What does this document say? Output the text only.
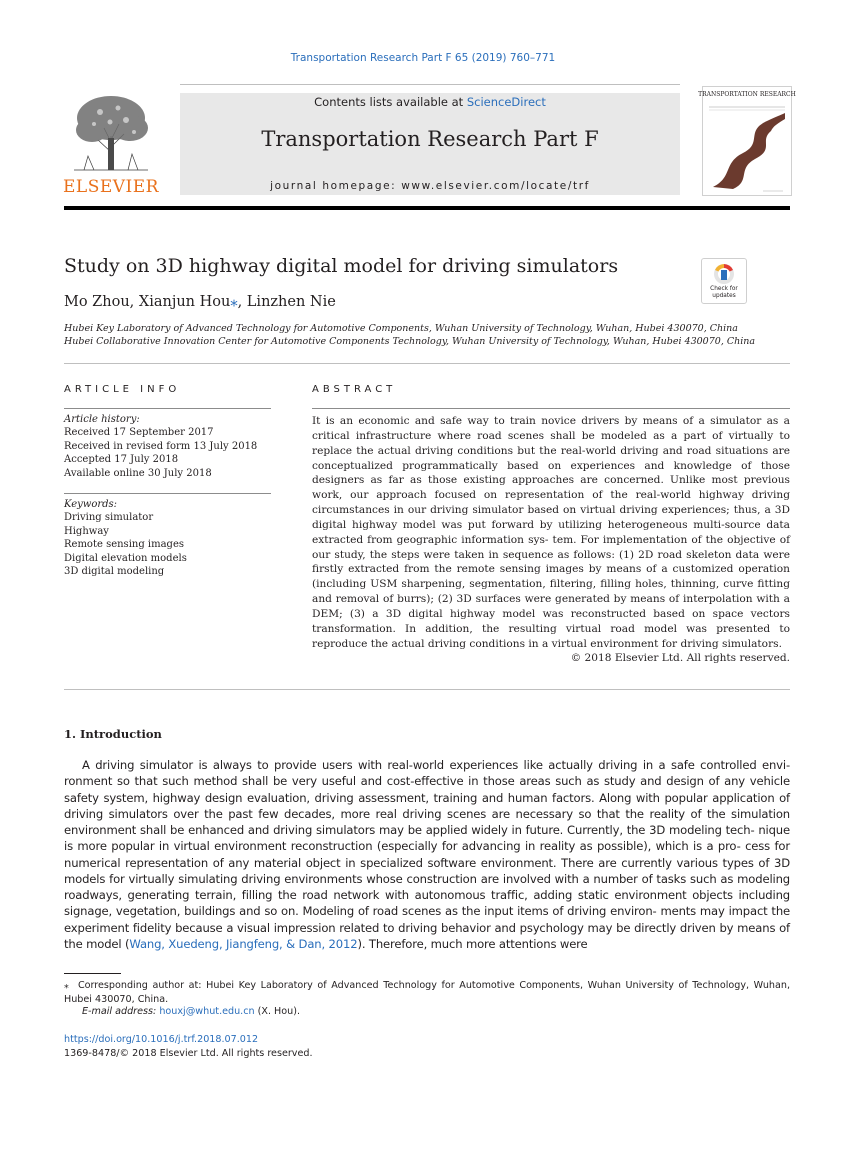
Transportation Research Part F 65 (2019) 760–771
ELSEVIER
Contents lists available at ScienceDirect
Transportation Research Part F
journal homepage: www.elsevier.com/locate/trf
TRANSPORTATION RESEARCH
Study on 3D highway digital model for driving simulators
Check for updates
Mo Zhou, Xianjun Hou⁎, Linzhen Nie
Hubei Key Laboratory of Advanced Technology for Automotive Components, Wuhan University of Technology, Wuhan, Hubei 430070, China
Hubei Collaborative Innovation Center for Automotive Components Technology, Wuhan University of Technology, Wuhan, Hubei 430070, China
ARTICLE INFO	ABSTRACT
Article history:
Received 17 September 2017
Received in revised form 13 July 2018
Accepted 17 July 2018
Available online 30 July 2018
Keywords:
Driving simulator
Highway
Remote sensing images
Digital elevation models
3D digital modeling
It is an economic and safe way to train novice drivers by means of a simulator as a critical infrastructure where road scenes shall be modeled as a part of virtually to replace the actual driving conditions but the real-world driving and road situations are conceptualized programmatically based on experiences and knowledge of those designers as far as those existing approaches are concerned. Unlike most previous work, our approach focused on representation of the real-world highway driving circumstances in our driving simulator based on virtual driving experiences; thus, a 3D digital highway model was put forward by utilizing heterogeneous multi-source data extracted from geographic information sys- tem. For implementation of the objective of our study, the steps were taken in sequence as follows: (1) 2D road skeleton data were firstly extracted from the remote sensing images by means of a customized operation (including USM sharpening, segmentation, filtering, filling holes, thinning, curve fitting and removal of burrs); (2) 3D surfaces were generated by means of interpolation with a DEM; (3) a 3D digital highway model was reconstructed based on space vectors transformation. In addition, the resulting virtual road model was presented to reproduce the actual driving conditions in a virtual environment for driving simulators.
© 2018 Elsevier Ltd. All rights reserved.
1. Introduction
A driving simulator is always to provide users with real-world experiences like actually driving in a safe controlled envi- ronment so that such method shall be very useful and cost-effective in those areas such as study and design of any vehicle safety system, highway design evaluation, driving assessment, training and human factors. Along with popular application of driving simulators over the past few decades, more real driving scenes are necessary so that the reality of the simulation environment shall be enhanced and driving simulators may be applied widely in future. Currently, the 3D modeling tech- nique is more popular in virtual environment reconstruction (especially for advancing in reality as possible), which is a pro- cess for numerical representation of any material object in specialized software environment. There are currently various types of 3D models for virtually simulating driving environments whose construction are involved with a number of tasks such as modeling roadways, generating terrain, filling the road network with autonomous traffic, adding static environment objects including signage, vegetation, buildings and so on. Modeling of road scenes as the input items of driving environ- ments may impact the experiment fidelity because a visual impression related to driving behavior and psychology may be directly driven by means of the model (Wang, Xuedeng, Jiangfeng, & Dan, 2012). Therefore, much more attentions were
⁎ Corresponding author at: Hubei Key Laboratory of Advanced Technology for Automotive Components, Wuhan University of Technology, Wuhan, Hubei 430070, China.
E-mail address: houxj@whut.edu.cn (X. Hou).
https://doi.org/10.1016/j.trf.2018.07.012
1369-8478/© 2018 Elsevier Ltd. All rights reserved.
